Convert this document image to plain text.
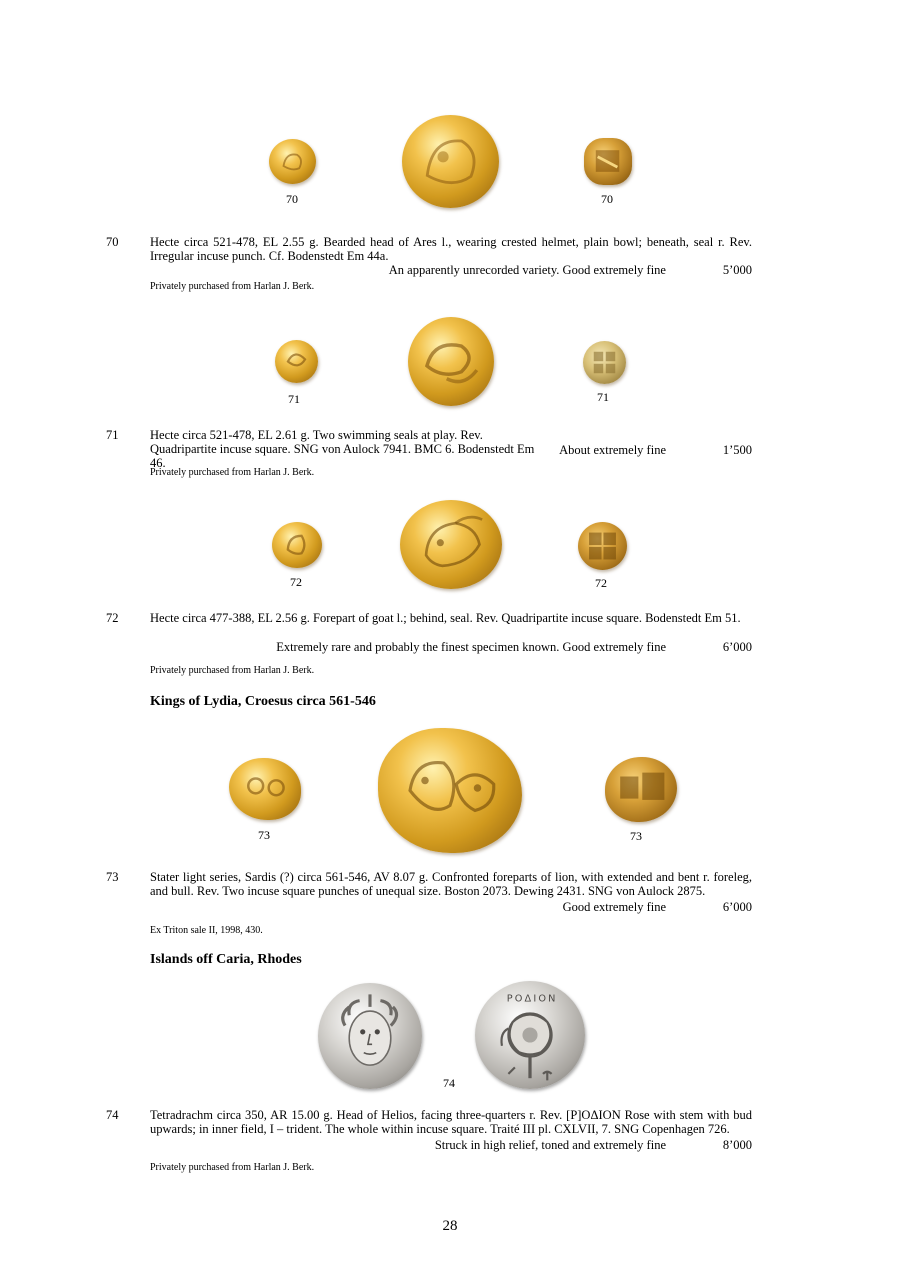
70	70
70	Hecte circa 521-478, EL 2.55 g. Bearded head of Ares l., wearing crested helmet, plain bowl; beneath, seal r. Rev. Irregular incuse punch. Cf. Bodenstedt Em 44a.
An apparently unrecorded variety. Good extremely fine	5’000
Privately purchased from Harlan J. Berk.
71	71
71	Hecte circa 521-478, EL 2.61 g. Two swimming seals at play. Rev. Quadripartite incuse square. SNG von Aulock 7941. BMC 6. Bodenstedt Em 46.
About extremely fine	1’500
Privately purchased from Harlan J. Berk.
72	72
72	Hecte circa 477-388, EL 2.56 g. Forepart of goat l.; behind, seal. Rev. Quadripartite incuse square. Bodenstedt Em 51.
Extremely rare and probably the finest specimen known. Good extremely fine	6’000
Privately purchased from Harlan J. Berk.
Kings of Lydia, Croesus circa 561-546
73	73
73	Stater light series, Sardis (?) circa 561-546, AV 8.07 g. Confronted foreparts of lion, with extended and bent r. foreleg, and bull. Rev. Two incuse square punches of unequal size. Boston 2073. Dewing 2431. SNG von Aulock 2875.
Good extremely fine	6’000
Ex Triton sale II, 1998, 430.
Islands off Caria, Rhodes
ΡΟΔΙΟΝ
74
74	Tetradrachm circa 350, AR 15.00 g. Head of Helios, facing three-quarters r. Rev. [P]OΔION Rose with stem with bud upwards; in inner field, I – trident. The whole within incuse square. Traité III pl. CXLVII, 7. SNG Copenhagen 726.
Struck in high relief, toned and extremely fine	8’000
Privately purchased from Harlan J. Berk.
28
